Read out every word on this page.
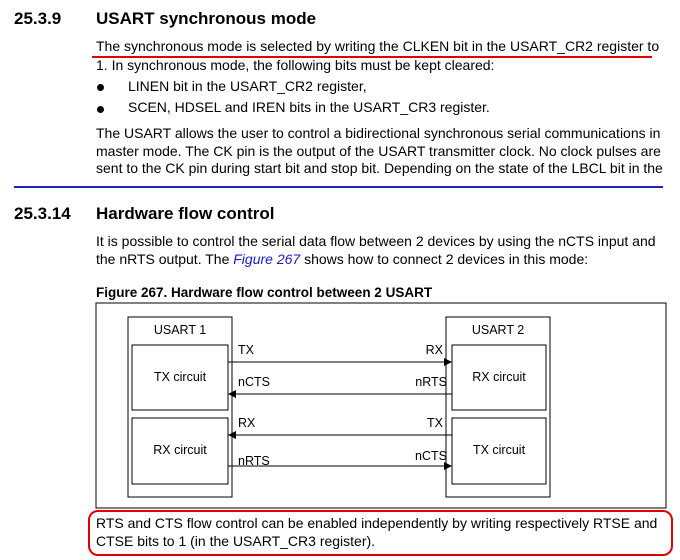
25.3.9 USART synchronous mode
The synchronous mode is selected by writing the CLKEN bit in the USART_CR2 register to
1. In synchronous mode, the following bits must be kept cleared:
LINEN bit in the USART_CR2 register,
SCEN, HDSEL and IREN bits in the USART_CR3 register.
The USART allows the user to control a bidirectional synchronous serial communications in
master mode. The CK pin is the output of the USART transmitter clock. No clock pulses are
sent to the CK pin during start bit and stop bit. Depending on the state of the LBCL bit in the
25.3.14 Hardware flow control
It is possible to control the serial data flow between 2 devices by using the nCTS input and
the nRTS output. The Figure 267 shows how to connect 2 devices in this mode:
Figure 267. Hardware flow control between 2 USART
USART 1	USART 2
TX circuit
RX circuit
RX circuit
TX circuit
TX	RX
nCTS	nRTS
RX	TX
nRTS	nCTS
RTS and CTS flow control can be enabled independently by writing respectively RTSE and
CTSE bits to 1 (in the USART_CR3 register).
